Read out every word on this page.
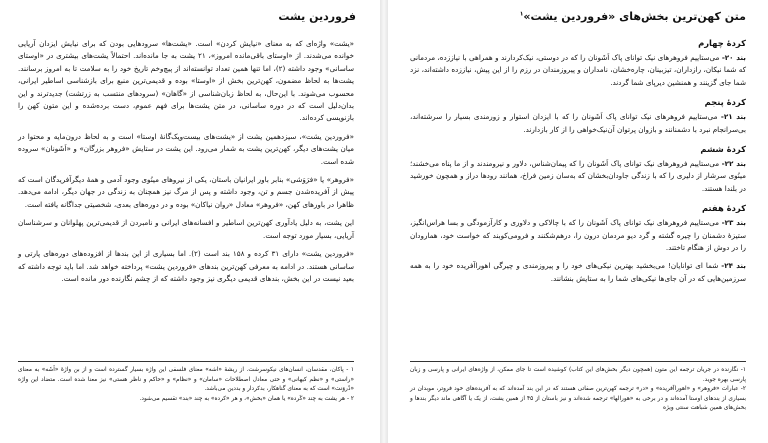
متن کهن‌ترین بخش‌های «فروردین یشت»$^۱$
کردهٔ چهارم

بند ۲۰- می‌ستاییم فروهرهای نیک توانای پاک اَشَونان را که در دوستی، نیک‌کردارند و همراهی با نیاززده، مردمانی که شما نیکان، رازداران، تیزبینان، چاره‌خشان، نامداران و پیروزمندان در رزم را از این پیش، نیاززده داشته‌اند، نزد شما جای گزینند و همنشین دیرپای شما گردند.

کردهٔ پنجم

بند ۲۱- می‌ستاییم فروهرهای نیک توانای پاک اَشَونان را که با ایزدان استوار و زورمندی بسیار را سرشته‌اند، بی‌سرانجام نبرد با دشمنانند و بازوان پرتوان آن‌نیک‌خواهی را از کار بازدارند.

کردهٔ ششم

بند ۲۲- می‌ستاییم فروهرهای نیک توانای پاک اَشَونان را که پیمان‌شناس، دلاور و نیرومندند و از ما پناه می‌خشند؛ مینُوی سرشار از دلیری را که با زندگی جاودان‌بخشان که به‌سان زمین فراخ، همانند رودها دراز و همچون خورشید در بلندا هستند.

کردهٔ هفتم

بند ۲۳- می‌ستاییم فروهرهای نیک توانای پاک اَشَونان را که با چالاکی و دلاوری و کارآزمودگی و بسا هراس‌انگیز، ستیزهٔ دشمنان را چیره گشته و گرد دیو مردمان درون را، درهم‌شکنند و فرومی‌کوبند که خواست خود، همارودان را در دوش از هنگام تاختند.

بند ۲۴- شما ای توانایان! می‌بخشید بهترین نیکی‌های خود را و پیروزمندی و چیرگی اهوراآفریده خود را به همه سرزمین‌هایی که در آن جای‌ها نیکی‌های شما را به ستایش بنشانند.

۱- نگارنده در جریان ترجمه این متون (همچون دیگر بخش‌های این کتاب) کوشیده است تا جای ممکن، از واژه‌های ایرانی و پارسی و زبان پارسی بهره جوید.

۲- عبارات «فروهر» و «اهوراآفریده» و «در» ترجمه کهن‌ترین صفاتی هستند که در این بند آمده‌اند که به آفریده‌های خود فروتر، موبدان در بسیاری از بندهای اوستا آمده‌اند و در برخی به «هورالها» ترجمه شده‌اند و نیز باستان از ۴۵ از همین یشت، از یک یا آگاهی ماند دیگر بندها و بخش‌های همین شباهت سنتی ویژه

فروردین یشت

«یشت» واژه‌ای که به معنای «نیایش کردن» است. «یشت‌ها» سرودهایی بودن که برای نیایش ایزدان آریایی خوانده می‌شدند. از «اوستای باقی‌مانده امروز»، ۲۱ یشت به جا مانده‌اند. احتمالاً یشت‌های بیشتری در «اوستای ساسانی» وجود داشته (۲)، اما تنها همین تعداد توانسته‌اند از پیچ‌وخم تاریخ خود را به سلامت تا به امروز برسانند. یشت‌ها به لحاظ مضمون، کهن‌ترین بخش از «اوستا» بوده و قدیمی‌ترین منبع برای بازشناسی اساطیر ایرانی، محسوب می‌شوند. با این‌حال، به لحاظ زبان‌شناسی از «گاهان» (سرودهای منتسب به زرتشت) جدیدترند و این بدان‌دلیل است که در دوره ساسانی، در متن یشت‌ها برای فهم عموم، دست برده‌شده و این متون کهن را بازنویسی کرده‌اند.

«فروردین یشت»، سیزدهمین یشت از «یشت‌های بیست‌ویک‌گانهٔ اوستا» است و به لحاظ درون‌مایه و محتوا در میان یشت‌های دیگر، کهن‌ترین یشت به شمار می‌رود. این یشت در ستایش «فروهر بزرگان» و «اَشَونان» سروده شده است.

«فروهر» یا «فرَوَشی» بنابر باور ایرانیان باستان، یکی از نیروهای مینُوی وجود آدمی و همهٔ دیگرآفریدگان است که پیش از آفریده‌شدن جسم و تن، وجود داشته و پس از مرگ نیز همچنان به زندگی در جهان دیگر، ادامه می‌دهد. ظاهرا در باورهای کهن، «فروهر» معادل «روان نیاکان» بوده و در دوره‌های بعدی، شخصیتی جداگانه یافته است.

این یشت، به دلیل یادآوری کهن‌ترین اساطیر و افسانه‌های ایرانی و نامبردن از قدیمی‌ترین پهلوانان و سرشناسان آریایی، بسیار مورد توجه است.

«فروردین یشت» دارای ۳۱ کرده و ۱۵۸ بند است (۲). اما بسیاری از این بندها از افزوده‌های دوره‌های پارتی و ساسانی هستند. در ادامه به معرفی کهن‌ترین بندهای «فروردین یشت» پرداخته خواهد شد. اما باید توجه داشته که بعید نیست در این بخش، بندهای قدیمی دیگری نیز وجود داشته که از چشم نگارنده دور مانده است.

۱ - پاکان، مقدسان، انسان‌های نیکوسرشت. از ریشهٔ «اشه» معنای فلسفی این واژه بسیار گسترده است و از بن واژهٔ «اَشَه» به معنای «راستی» و «نظم کیهانی» و حتی معادل اصطلاحات «سامان» و «نظام» و «حاکم و ناظر هستی» نیز معنا شده است. متضاد این واژه «دُروَنت» است که به معنای گناهکار، بدکردار و بددین می‌باشد.

۲ - هر یشت به چند «کَرده» یا همان «بخش»، و هر «کرده» به چند «بند» تقسیم می‌شود.
